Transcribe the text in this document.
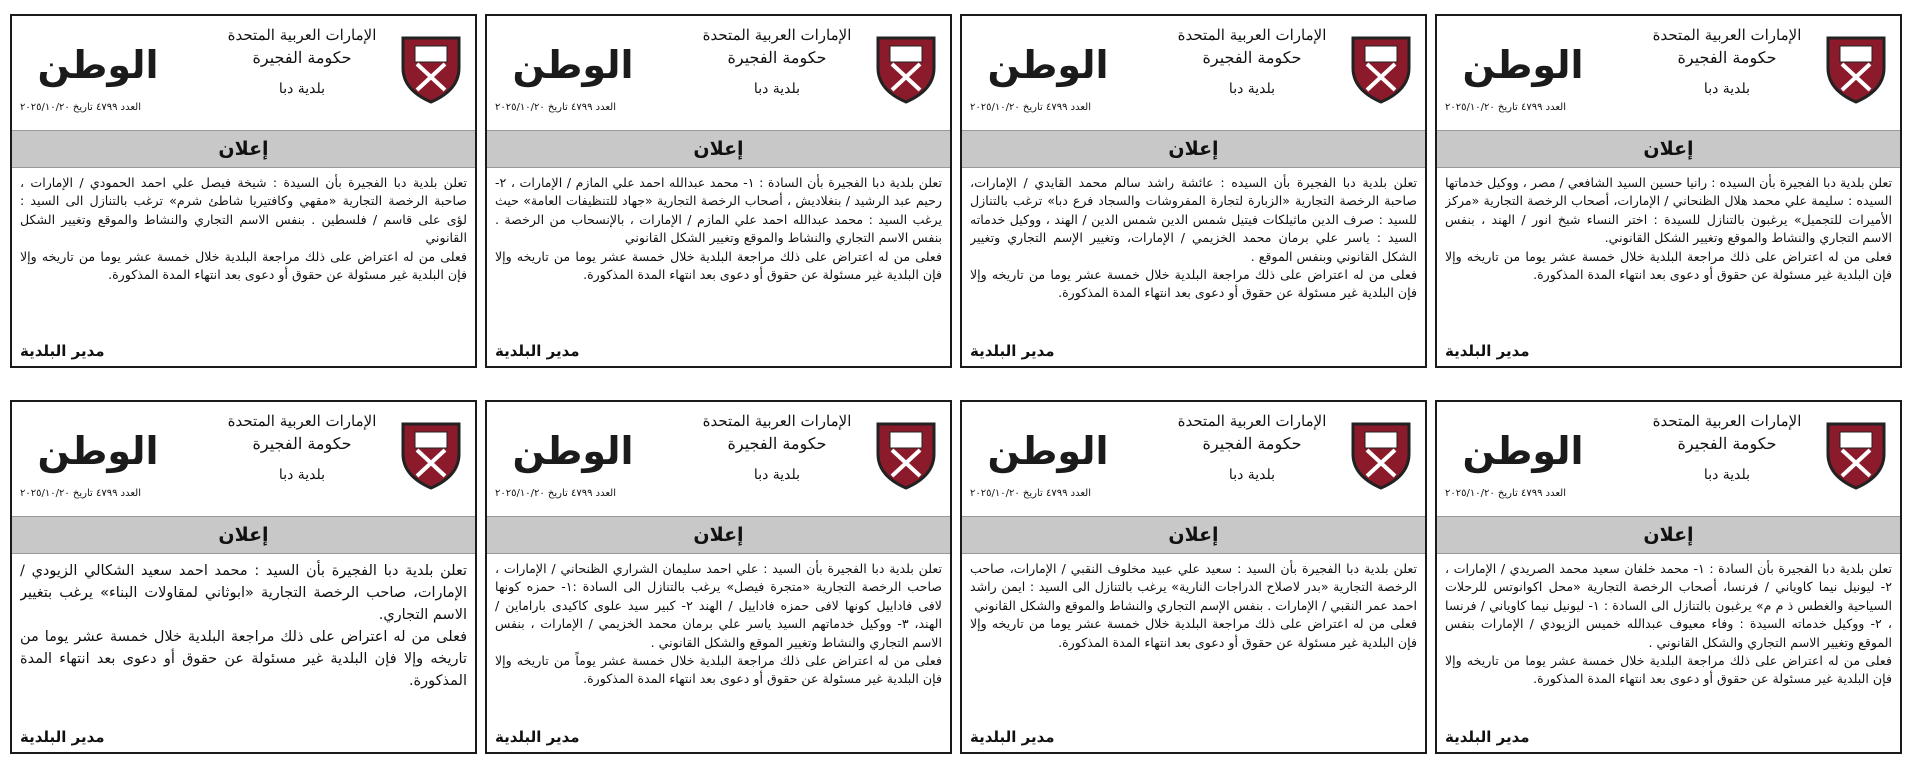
الإمارات العربية المتحدة
حكومة الفجيرة
بلدية دبا
الوطن
العدد ٤٧٩٩ تاريخ ٢٠٢٥/١٠/٢٠
إعلان

تعلن بلدية دبا الفجيرة بأن السيده : رانيا حسين السيد الشافعي / مصر ، ووكيل خدماتها السيده : سليمة علي محمد هلال الظنحاني / الإمارات، أصحاب الرخصة التجارية «مركز الأميرات للتجميل» يرغبون بالتنازل للسيدة : اختر النساء شيخ انور / الهند ، بنفس الاسم التجاري والنشاط والموقع وتغيير الشكل القانوني.

فعلى من له اعتراض على ذلك مراجعة البلدية خلال خمسة عشر يوما من تاريخه وإلا فإن البلدية غير مسئولة عن حقوق أو دعوى بعد انتهاء المدة المذكورة.

مدير البلدية
الإمارات العربية المتحدة
حكومة الفجيرة
بلدية دبا
الوطن
العدد ٤٧٩٩ تاريخ ٢٠٢٥/١٠/٢٠
إعلان

تعلن بلدية دبا الفجيرة بأن السيده : عائشة راشد سالم محمد القايدي / الإمارات، صاحبة الرخصة التجارية «الزبارة لتجارة المفروشات والسجاد فرع دبا» ترغب بالتنازل للسيد : صرف الدين ماثيلكات فيتيل شمس الدين شمس الدين / الهند ، ووكيل خدماته السيد : ياسر علي برمان محمد الخزيمي / الإمارات، وتغيير الإسم التجاري وتغيير الشكل القانوني وبنفس الموقع .

فعلى من له اعتراض على ذلك مراجعة البلدية خلال خمسة عشر يوما من تاريخه وإلا فإن البلدية غير مسئولة عن حقوق أو دعوى بعد انتهاء المدة المذكورة.

مدير البلدية
الإمارات العربية المتحدة
حكومة الفجيرة
بلدية دبا
الوطن
العدد ٤٧٩٩ تاريخ ٢٠٢٥/١٠/٢٠
إعلان

تعلن بلدية دبا الفجيرة بأن السادة : ١- محمد عبدالله احمد علي المازم / الإمارات ، ٢- رحيم عبد الرشيد / بنغلاديش ، أصحاب الرخصة التجارية «جهاد للتنظيفات العامة» حيث يرغب السيد : محمد عبدالله احمد علي المازم / الإمارات ، بالإنسحاب من الرخصة . بنفس الاسم التجاري والنشاط والموقع وتغيير الشكل القانوني

فعلى من له اعتراض على ذلك مراجعة البلدية خلال خمسة عشر يوما من تاريخه وإلا فإن البلدية غير مسئولة عن حقوق أو دعوى بعد انتهاء المدة المذكورة.

مدير البلدية
الإمارات العربية المتحدة
حكومة الفجيرة
بلدية دبا
الوطن
العدد ٤٧٩٩ تاريخ ٢٠٢٥/١٠/٢٠
إعلان

تعلن بلدية دبا الفجيرة بأن السيدة : شيخة فيصل علي احمد الحمودي / الإمارات ، صاحبة الرخصة التجارية «مقهي وكافتيريا شاطئ شرم» ترغب بالتنازل الى السيد : لؤى على قاسم / فلسطين . بنفس الاسم التجاري والنشاط والموقع وتغيير الشكل القانوني

فعلى من له اعتراض على ذلك مراجعة البلدية خلال خمسة عشر يوما من تاريخه وإلا فإن البلدية غير مسئولة عن حقوق أو دعوى بعد انتهاء المدة المذكورة.

مدير البلدية
الإمارات العربية المتحدة
حكومة الفجيرة
بلدية دبا
الوطن
العدد ٤٧٩٩ تاريخ ٢٠٢٥/١٠/٢٠
إعلان

تعلن بلدية دبا الفجيرة بأن السادة : ١- محمد خلفان سعيد محمد الصريدي / الإمارات ، ٢- ليونيل نيما كاوياني / فرنسا، أصحاب الرخصة التجارية «محل اكوانوتس للرحلات السياحية والغطس ذ م م» يرغبون بالتنازل الى السادة : ١- ليونيل نيما كاوياني / فرنسا ، ٢- ووكيل خدماته السيدة : وفاء معيوف عبدالله خميس الزيودي / الإمارات بنفس الموقع وتغيير الاسم التجاري والشكل القانوني .

فعلى من له اعتراض على ذلك مراجعة البلدية خلال خمسة عشر يوما من تاريخه وإلا فإن البلدية غير مسئولة عن حقوق أو دعوى بعد انتهاء المدة المذكورة.

مدير البلدية
الإمارات العربية المتحدة
حكومة الفجيرة
بلدية دبا
الوطن
العدد ٤٧٩٩ تاريخ ٢٠٢٥/١٠/٢٠
إعلان

تعلن بلدية دبا الفجيرة بأن السيد : سعيد علي عبيد مخلوف النقبي / الإمارات، صاحب الرخصة التجارية «بدر لاصلاح الدراجات النارية» يرغب بالتنازل الى السيد : ايمن راشد احمد عمر النقبي / الإمارات . بنفس الإسم التجاري والنشاط والموقع والشكل القانوني

فعلى من له اعتراض على ذلك مراجعة البلدية خلال خمسة عشر يوما من تاريخه وإلا فإن البلدية غير مسئولة عن حقوق أو دعوى بعد انتهاء المدة المذكورة.

مدير البلدية
الإمارات العربية المتحدة
حكومة الفجيرة
بلدية دبا
الوطن
العدد ٤٧٩٩ تاريخ ٢٠٢٥/١٠/٢٠
إعلان

تعلن بلدية دبا الفجيرة بأن السيد : علي احمد سليمان الشراري الظنحاني / الإمارات ، صاحب الرخصة التجارية «متجرة فيصل» يرغب بالتنازل الى السادة :١- حمزه كونها لافى فاداييل كونها لافى حمزه فاداييل / الهند ٢- كبير سيد علوى كاكيدى باراماين / الهند، ٣- ووكيل خدماتهم السيد ياسر علي برمان محمد الخزيمي / الإمارات ، بنفس الاسم التجاري والنشاط وتغيير الموقع والشكل القانوني .

فعلى من له اعتراض على ذلك مراجعة البلدية خلال خمسة عشر يوماً من تاريخه وإلا فإن البلدية غير مسئولة عن حقوق أو دعوى بعد انتهاء المدة المذكورة.

مدير البلدية
الإمارات العربية المتحدة
حكومة الفجيرة
بلدية دبا
الوطن
العدد ٤٧٩٩ تاريخ ٢٠٢٥/١٠/٢٠
إعلان

تعلن بلدية دبا الفجيرة بأن السيد : محمد احمد سعيد الشكالي الزيودي / الإمارات، صاحب الرخصة التجارية «ابوثاني لمقاولات البناء» يرغب بتغيير الاسم التجاري.

فعلى من له اعتراض على ذلك مراجعة البلدية خلال خمسة عشر يوما من تاريخه وإلا فإن البلدية غير مسئولة عن حقوق أو دعوى بعد انتهاء المدة المذكورة.

مدير البلدية
